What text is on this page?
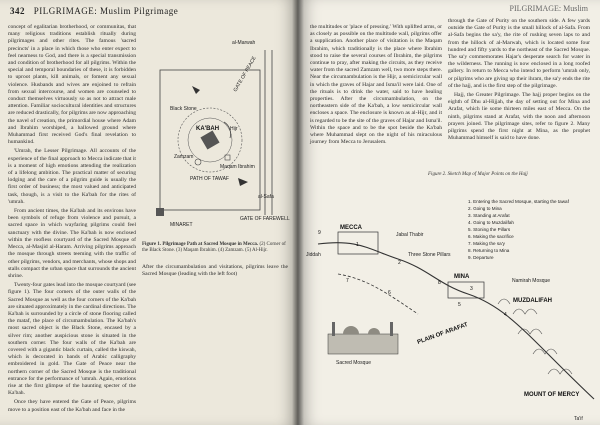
342 PILGRIMAGE: Muslim Pilgrimage

concept of egalitarian brotherhood, or communitas, that many religious traditions establish ritually during pilgrimages and other rites. The famous 'sacred precincts' in a place in which those who enter expect to feel nearness to God, and there is a special transmission and condition of brotherhood for all pilgrims. Within the special and temporal boundaries of these, it is forbidden to uproot plants, kill animals, or foment any sexual violence. Husbands and wives are enjoined to refrain from sexual intercourse, and women are counseled to conduct themselves virtuously so as not to attract male attention. Familiar sociocultural identities and structures are reduced drastically, for pilgrims are now approaching the navel of creation, the primordial house where Adam and Ibrahim worshiped, a hallowed ground where Muhammad first received God's final revelation to humankind.

'Umrah, the Lesser Pilgrimage. All accounts of the experience of the final approach to Mecca indicate that it is a moment of high emotions attending the realization of a lifelong ambition. The practical matter of securing lodging and the care of a pilgrim guide is usually the first order of business; the most valued and anticipated task, though, is a visit to the Ka'bah for the rites of 'umrah.

From ancient times, the Ka'bah and its environs have been symbols of refuge from violence and pursuit, a sacred space in which wayfaring pilgrims could feel sanctuary with the divine. The Ka'bah is now enclosed within the roofless courtyard of the Sacred Mosque of Mecca, al-Masjid al-Haram. Arriving pilgrims approach the mosque through streets teeming with the traffic of other pilgrims, vendors, and merchants, whose shops and stalls compact the urban space that surrounds the ancient shrine.

Twenty-four gates lead into the mosque courtyard (see figure 1). The four corners of the outer walls of the Sacred Mosque as well as the four corners of the Ka'bah are situated approximately in the cardinal directions. The Ka'bah is surrounded by a circle of stone flooring called the mataf, the place of circumambulation. The Ka'bah's most sacred object is the Black Stone, encased by a silver rim; another auspicious stone is situated in the southern corner. The four walls of the Ka'bah are covered with a gigantic black curtain, called the kiswah, which is decorated in bands of Arabic calligraphy embroidered in gold. The Gate of Peace near the northern corner of the Sacred Mosque is the traditional entrance for the performance of 'umrah. Again, emotions rise at the first glimpse of the haunting specter of the Ka'bah.

Once they have entered the Gate of Peace, pilgrims move to a position east of the Ka'bah and face in the

al-Marwah
GATE OF PEACE
Black Stone
KA'BAH
PATH OF TAWAF
Maqam Ibrahim
Zamzam
Hijr
al-Safa
GATE OF FAREWELL
MINARET
Figure 1. Pilgrimage Path at Sacred Mosque in Mecca. (2) Corner of the Black Stone. (3) Maqam Ibrahim. (4) Zamzam. (5) Al-Hijr.

After the circumambulation and visitations, pilgrims leave the Sacred Mosque (leading with the left foot)

PILGRIMAGE: Muslim

the multitudes or 'place of pressing.' With uplifted arms, or as closely as possible on the multitude wall, pilgrims offer a supplication. Another place of visitation is the Maqam Ibrahim, which traditionally is the place where Ibrahim stood to raise the several courses of Ibrahim, the pilgrims continue to pray, after making the circuits, as they receive water from the sacred Zamzam well, two more steps there. Near the circumambulation is the Hijr, a semicircular wall in which the graves of Hajar and Isma'il were laid. One of the rituals is to drink the water, said to have healing properties. After the circumambulation, on the northeastern side of the Ka'bah, a low semicircular wall encloses a space. The enclosure is known as al-Hijr, and it is regarded to be the site of the graves of Hajar and Isma'il. Within the space and to be the spot beside the Ka'bah where Muhammad slept on the night of his miraculous journey from Mecca to Jerusalem.

through the Gate of Purity on the southern side. A few yards outside the Gate of Purity is the small hillock of al-Safa. From al-Safa begins the sa'y, the rite of rushing seven laps to and from the hillock of al-Marwah, which is located some four hundred and fifty yards to the northeast of the Sacred Mosque. The sa'y commemorates Hajar's desperate search for water in the wilderness. The running is now enclosed in a long roofed gallery. In return to Mecca who intend to perform 'umrah only, or pilgrims who are giving up their ihram, the sa'y ends the rite of the hajj, and is the first step of the pilgrimage.

Hajj, the Greater Pilgrimage. The hajj proper begins on the eighth of Dhu al-Hijjah, the day of setting out for Mina and Arafat, which lie some thirteen miles east of Mecca. On the ninth, pilgrims stand at Arafat, with the noon and afternoon prayers joined. The pilgrimage sites, refer to figure 2. Many pilgrims spend the first night at Mina, as the prophet Muhammad himself is said to have done.

Figure 2. Sketch Map of Major Points on the Hajj
MECCA
Sacred Mosque
Jabal Thabir
MINA
Three Stone Pillars
MUZDALIFAH
Namirah Mosque
PLAIN OF ARAFAT
MOUNT OF MERCY
Jiddah
Ta'if
1
2
3
4
5
6
7	8
9
1. Entering the Sacred Mosque, starting the tawaf
2. Going to Mina
3. Standing at Arafat
4. Going to Muzdalifah
5. Stoning the Pillars
6. Making the sacrifice
7. Making the sa'y
8. Returning to Mina
9. Departure
